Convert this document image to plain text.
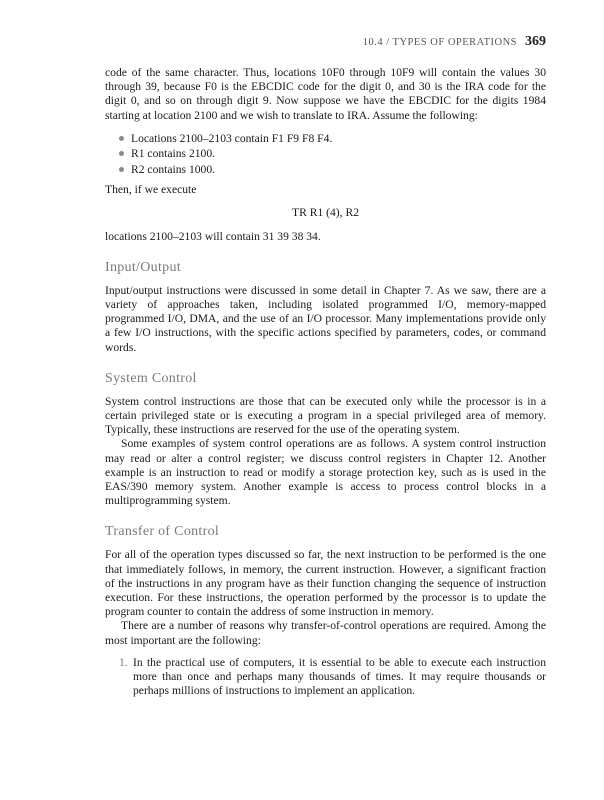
10.4 / TYPES OF OPERATIONS 369

code of the same character. Thus, locations 10F0 through 10F9 will contain the values 30 through 39, because F0 is the EBCDIC code for the digit 0, and 30 is the IRA code for the digit 0, and so on through digit 9. Now suppose we have the EBCDIC for the digits 1984 starting at location 2100 and we wish to translate to IRA. Assume the following:

Locations 2100–2103 contain F1 F9 F8 F4.
R1 contains 2100.
R2 contains 1000.

Then, if we execute

TR R1 (4), R2

locations 2100–2103 will contain 31 39 38 34.

Input/Output

Input/output instructions were discussed in some detail in Chapter 7. As we saw, there are a variety of approaches taken, including isolated programmed I/O, memory-mapped programmed I/O, DMA, and the use of an I/O processor. Many implementations provide only a few I/O instructions, with the specific actions specified by parameters, codes, or command words.

System Control

System control instructions are those that can be executed only while the processor is in a certain privileged state or is executing a program in a special privileged area of memory. Typically, these instructions are reserved for the use of the operating system.

Some examples of system control operations are as follows. A system control instruction may read or alter a control register; we discuss control registers in Chapter 12. Another example is an instruction to read or modify a storage protection key, such as is used in the EAS/390 memory system. Another example is access to process control blocks in a multiprogramming system.

Transfer of Control

For all of the operation types discussed so far, the next instruction to be performed is the one that immediately follows, in memory, the current instruction. However, a significant fraction of the instructions in any program have as their function changing the sequence of instruction execution. For these instructions, the operation performed by the processor is to update the program counter to contain the address of some instruction in memory.

There are a number of reasons why transfer-of-control operations are required. Among the most important are the following:

1. In the practical use of computers, it is essential to be able to execute each instruction more than once and perhaps many thousands of times. It may require thousands or perhaps millions of instructions to implement an application.
